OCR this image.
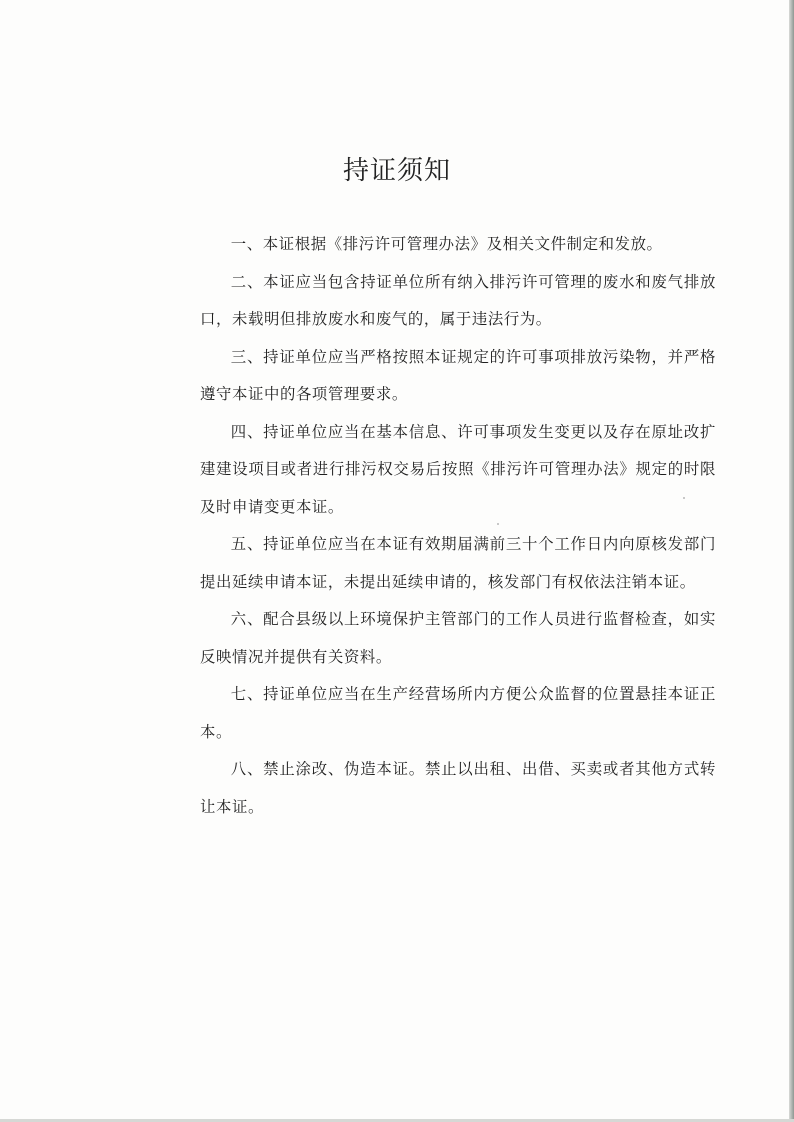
持证须知

一、本证根据《排污许可管理办法》及相关文件制定和发放。

二、本证应当包含持证单位所有纳入排污许可管理的废水和废气排放口，未载明但排放废水和废气的，属于违法行为。

三、持证单位应当严格按照本证规定的许可事项排放污染物，并严格遵守本证中的各项管理要求。

四、持证单位应当在基本信息、许可事项发生变更以及存在原址改扩建建设项目或者进行排污权交易后按照《排污许可管理办法》规定的时限及时申请变更本证。

五、持证单位应当在本证有效期届满前三十个工作日内向原核发部门提出延续申请本证，未提出延续申请的，核发部门有权依法注销本证。

六、配合县级以上环境保护主管部门的工作人员进行监督检查，如实反映情况并提供有关资料。

七、持证单位应当在生产经营场所内方便公众监督的位置悬挂本证正本。

八、禁止涂改、伪造本证。禁止以出租、出借、买卖或者其他方式转让本证。
